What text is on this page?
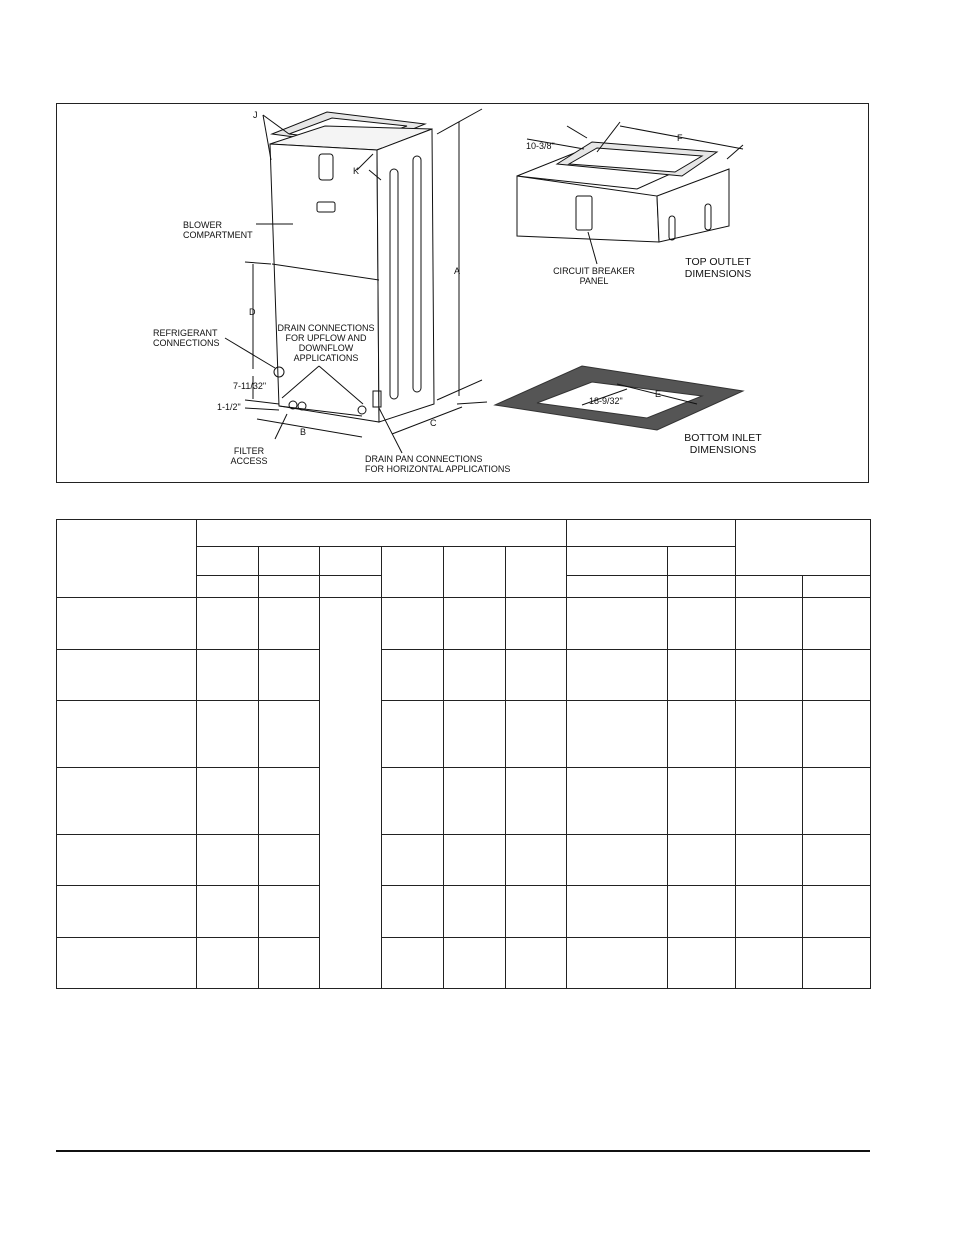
J
K
A
B
C
D
E
F
BLOWER
COMPARTMENT
REFRIGERANT
CONNECTIONS
DRAIN CONNECTIONS
FOR UPFLOW AND
DOWNFLOW
APPLICATIONS
7-11/32"
1-1/2"
FILTER
ACCESS	DRAIN PAN CONNECTIONS
FOR HORIZONTAL APPLICATIONS
10-3/8"
CIRCUIT BREAKER
PANEL
TOP OUTLET
DIMENSIONS
18-9/32"
BOTTOM INLET
DIMENSIONS
